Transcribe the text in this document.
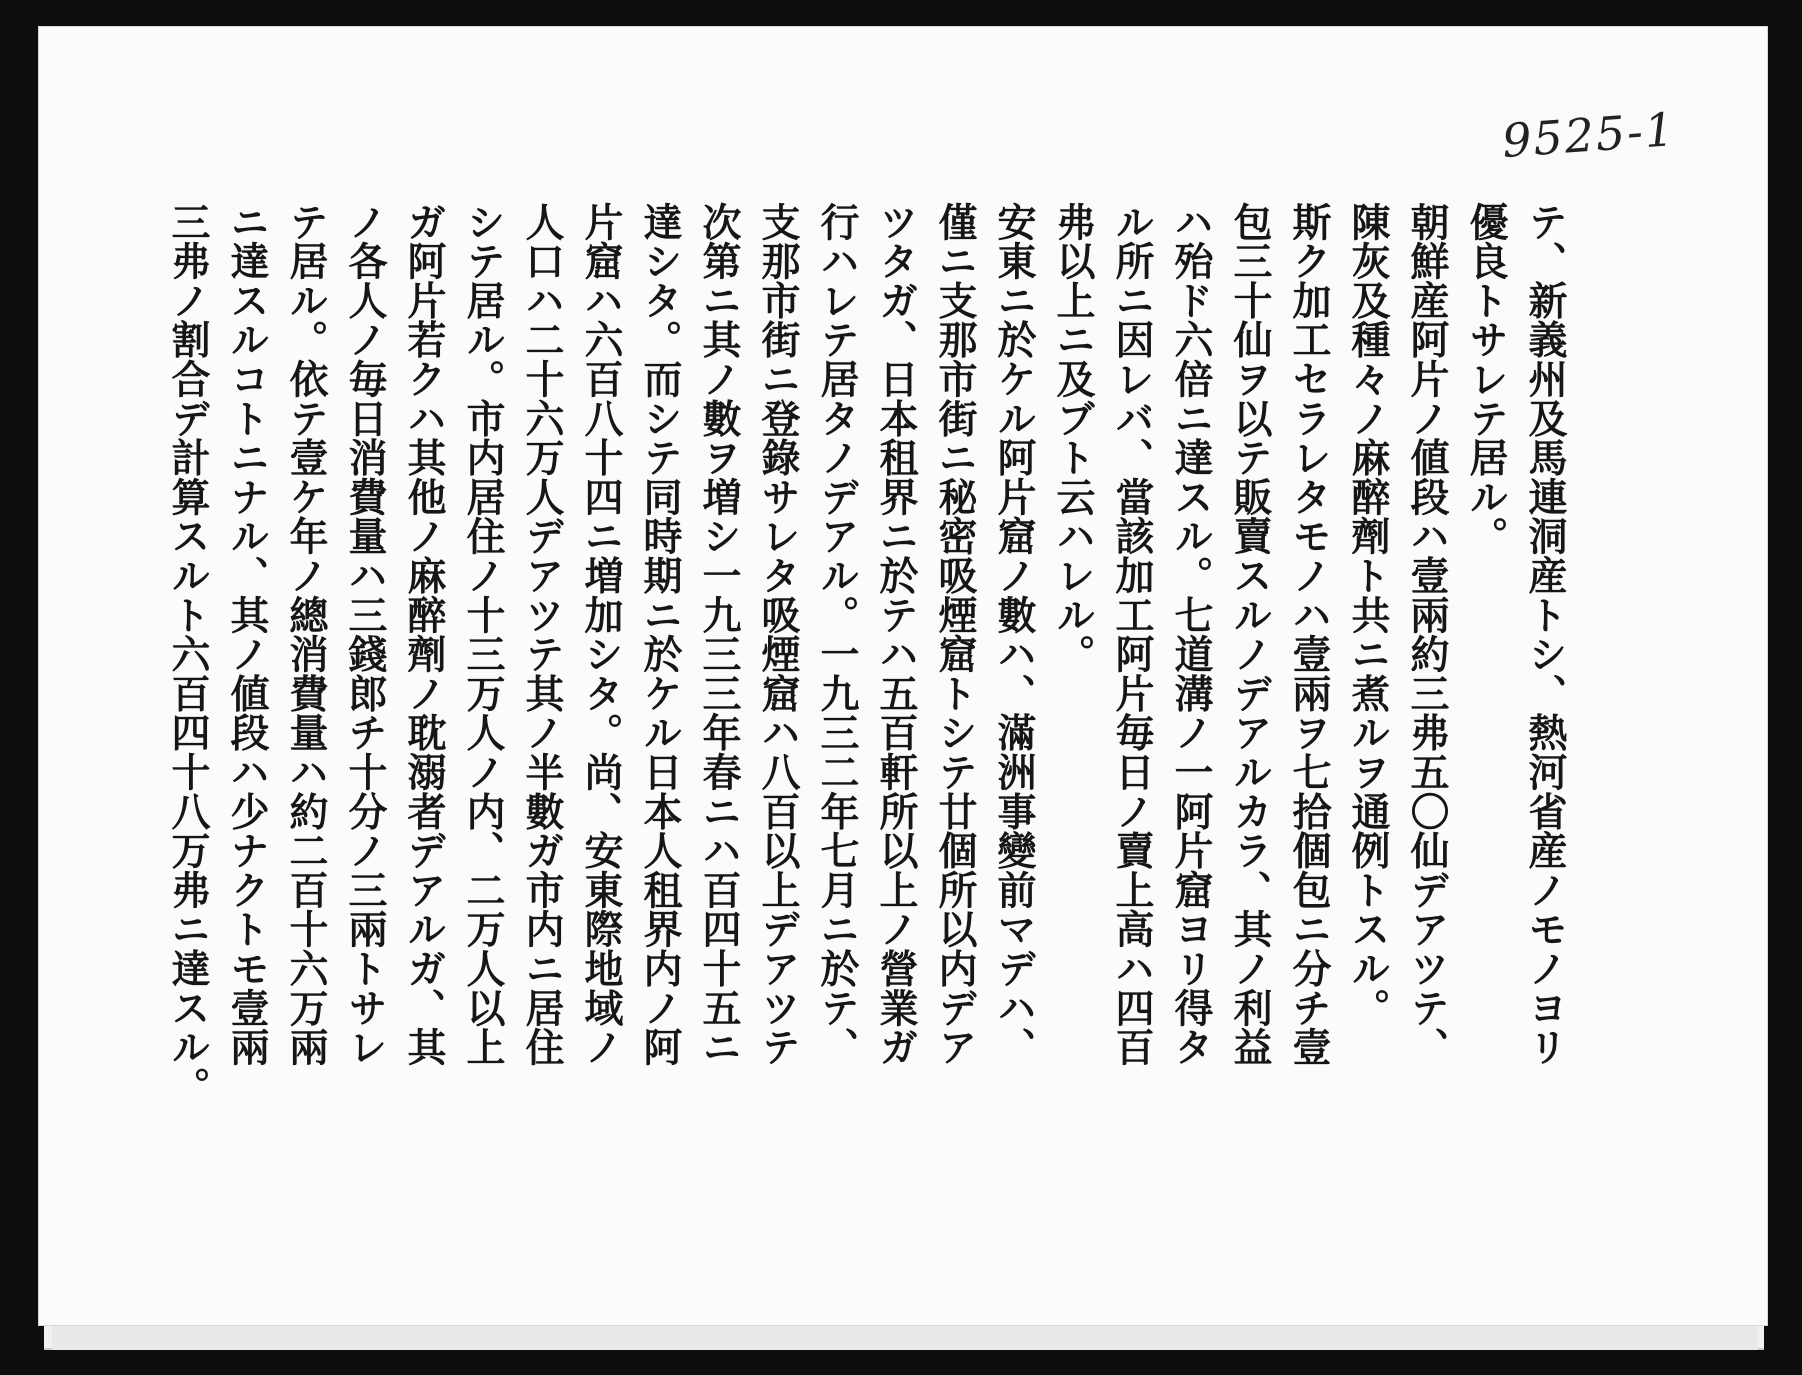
9525-1

テ、新義州及馬連洞産トシ、熱河省産ノモノヨリ

優良トサレテ居ル。

朝鮮産阿片ノ値段ハ壹兩約三弗五〇仙デアツテ、

陳灰及種々ノ麻醉劑ト共ニ煮ルヲ通例トスル。

斯ク加工セラレタモノハ壹兩ヲ七拾個包ニ分チ壹

包三十仙ヲ以テ販賣スルノデアルカラ、其ノ利益

ハ殆ド六倍ニ達スル。七道溝ノ一阿片窟ヨリ得タ

ル所ニ因レバ、當該加工阿片毎日ノ賣上高ハ四百

弗以上ニ及ブト云ハレル。

安東ニ於ケル阿片窟ノ數ハ、滿洲事變前マデハ、

僅ニ支那市街ニ秘密吸煙窟トシテ廿個所以内デア

ツタガ、日本租界ニ於テハ五百軒所以上ノ營業ガ

行ハレテ居タノデアル。一九三二年七月ニ於テ、

支那市街ニ登錄サレタ吸煙窟ハ八百以上デアツテ

次第ニ其ノ數ヲ増シ一九三三年春ニハ百四十五ニ

達シタ。而シテ同時期ニ於ケル日本人租界内ノ阿

片窟ハ六百八十四ニ増加シタ。尚、安東際地域ノ

人口ハ二十六万人デアツテ其ノ半數ガ市内ニ居住

シテ居ル。市内居住ノ十三万人ノ内、二万人以上

ガ阿片若クハ其他ノ麻醉劑ノ耽溺者デアルガ、其

ノ各人ノ毎日消費量ハ三錢郎チ十分ノ三兩トサレ

テ居ル。依テ壹ケ年ノ總消費量ハ約二百十六万兩

ニ達スルコトニナル、其ノ値段ハ少ナクトモ壹兩

三弗ノ割合デ計算スルト六百四十八万弗ニ達スル。
